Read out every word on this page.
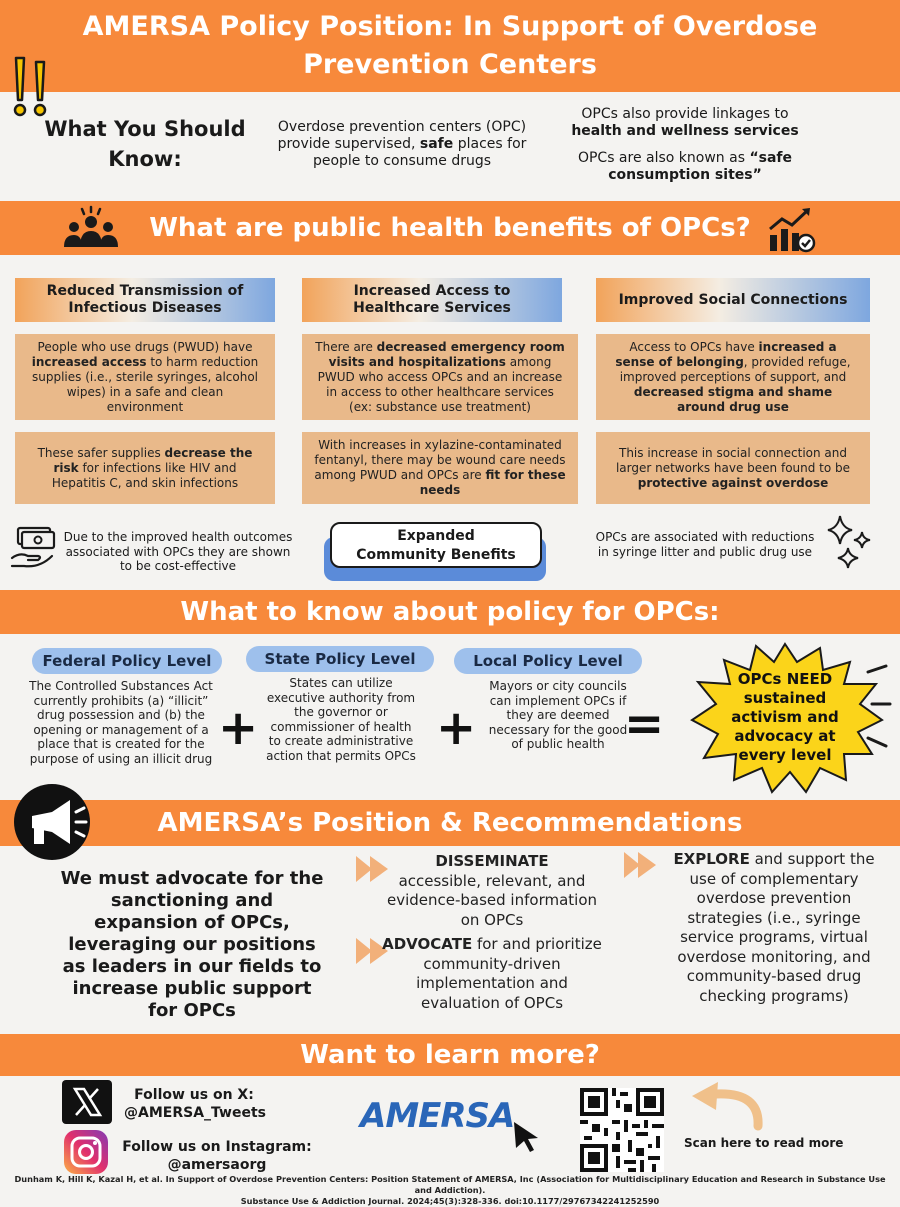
AMERSA Policy Position: In Support of Overdose
Prevention Centers
What You Should
Know:
Overdose prevention centers (OPC)
provide supervised, safe places for
people to consume drugs
OPCs also provide linkages to
health and wellness services
OPCs are also known as “safe
consumption sites”
What are public health benefits of OPCs?
Reduced Transmission of Infectious Diseases
Increased Access to Healthcare Services
Improved Social Connections
People who use drugs (PWUD) have increased access to harm reduction supplies (i.e., sterile syringes, alcohol wipes) in a safe and clean environment
These safer supplies decrease the risk for infections like HIV and Hepatitis C, and skin infections
There are decreased emergency room visits and hospitalizations among PWUD who access OPCs and an increase in access to other healthcare services (ex: substance use treatment)
With increases in xylazine-contaminated fentanyl, there may be wound care needs among PWUD and OPCs are fit for these needs
Access to OPCs have increased a sense of belonging, provided refuge, improved perceptions of support, and decreased stigma and shame around drug use
This increase in social connection and larger networks have been found to be protective against overdose
Due to the improved health outcomes associated with OPCs they are shown to be cost-effective
Expanded
Community Benefits
OPCs are associated with reductions in syringe litter and public drug use
What to know about policy for OPCs:
Federal Policy Level	State Policy Level	Local Policy Level
The Controlled Substances Act currently prohibits (a) “illicit” drug possession and (b) the opening or management of a place that is created for the purpose of using an illicit drug
+
States can utilize executive authority from the governor or commissioner of health to create administrative action that permits OPCs +
Mayors or city councils can implement OPCs if they are deemed necessary for the good of public health =
OPCs NEED sustained activism and advocacy at every level
AMERSA’s Position & Recommendations
We must advocate for the sanctioning and expansion of OPCs, leveraging our positions as leaders in our fields to increase public support for OPCs
DISSEMINATE
accessible, relevant, and evidence-based information on OPCs
ADVOCATE for and prioritize community-driven implementation and evaluation of OPCs
EXPLORE and support the use of complementary overdose prevention strategies (i.e., syringe service programs, virtual overdose monitoring, and community-based drug checking programs)
Want to learn more?
Follow us on X:
@AMERSA_Tweets
Follow us on Instagram:
@amersaorg
AMERSA
Scan here to read more
Dunham K, Hill K, Kazal H, et al. In Support of Overdose Prevention Centers: Position Statement of AMERSA, Inc (Association for Multidisciplinary Education and Research in Substance Use and Addiction).
Substance Use & Addiction Journal. 2024;45(3):328-336. doi:10.1177/29767342241252590
